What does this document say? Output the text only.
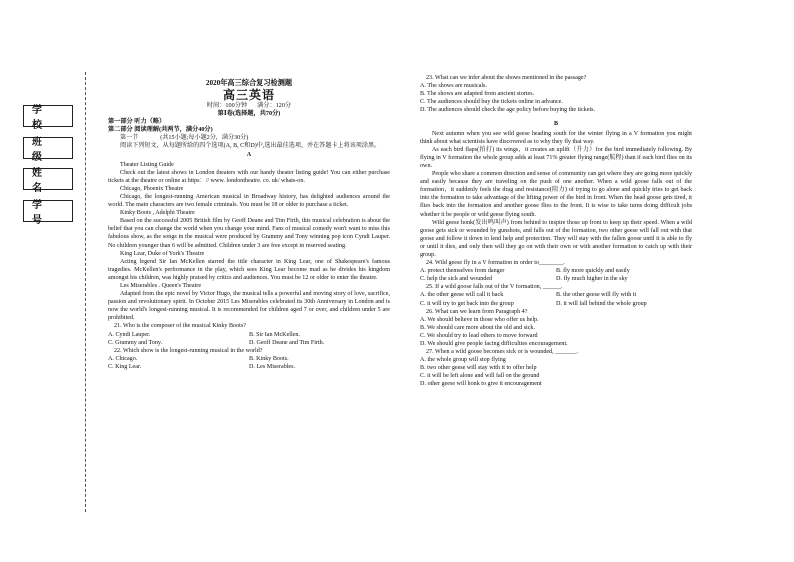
学 校
班 级
姓 名
学 号
2020年高三综合复习检测题
高三英语
时间：100分钟 满分：120分
第Ⅰ卷(选择题，共70分)

第一部分 听力（略）

第二部分 阅读理解(共两节，满分40分)

第一节	(共15小题;每小题2分，满分30分)

阅读下列短文，从每题所给的四个选项(A, B, C和D)中,选出最佳选项，并在答题卡上将该项涂黑。

A

Theater Listing Guide

Check out the latest shows in London theaters with our handy theater listing guide! You can either purchase tickets at the theatre or online at https：// www. londontheatre. co. uk/ whats-on.

Chicago, Phoenix Theatre

Chicago, the longest-running American musical in Broadway history, has delighted audiences around the world. The main characters are two female criminals. You must be 18 or older to purchase a ticket.

Kinky Boots , Adelphi Theatre

Based on the successful 2005 British film by Geoff Deane and Tim Firth, this musical celebration is about the belief that you can change the world when you change your mind. Fans of musical comedy won't want to miss this fabulous show, as the songs in the musical were produced by Grammy and Tony winning pop icon Cyndi Lauper. No children younger than 6 will be admitted. Children under 3 are free except in reserved seating.

King Lear, Duke of York's Theatre

Acting legend Sir Ian McKellen starred the title character in King Lear, one of Shakespeare's famous tragedies. McKellen's performance in the play, which sees King Lear become mad as he divides his kingdom amongst his children, was highly praised by critics and audiences. You must be 12 or older to enter the theatre.

Les Miserables . Queen's Theatre

Adapted from the epic novel by Victor Hugo, the musical tells a powerful and moving story of love, sacrifice, passion and revolutionary spirit. In October 2015 Les Miserables celebrated its 30th Anniversary in London and is now the world's longest-running musical. It is recommended for children aged 7 or over, and children under 5 are prohibited.

21. Who is the composer of the musical Kinky Boots?

A. Cyndi Lauper.	B. Sir Ian McKellen.
C. Grammy and Tony.	D. Geoff Deane and Tim Firth.

22. Which show is the longest-running musical in the world?

A. Chicago.	B. Kinky Boots.
C. King Lear.	D. Les Miserables.

23. What can we infer about the shows mentioned in the passage?

A. The shows are musicals.
B. The shows are adapted from ancient stories.
C. The audiences should buy the tickets online in advance.
D. The audiences should check the age policy before buying the tickets.
B

Next autumn when you see wild geese heading south for the winter flying in a V formation you might think about what scientists have discovered as to why they fly that way.

As each bird flaps(拍打) its wings，it creates an uplift（升力）for the bird immediately following. By flying in V formation the whole group adds at least 71% greater flying range(航程) than if each bird flies on its own.

People who share a common direction and sense of community can get where they are going more quickly and easily because they are traveling on the push of one another. When a wild goose falls out of the formation，it suddenly feels the drag and resistance(阻力) of trying to go alone and quickly tries to get back into the formation to take advantage of the lifting power of the bird in front. When the head goose gets tired, it flies back into the formation and another goose flies to the front. It is wise to take turns doing difficult jobs whether it be people or wild geese flying south.

Wild geese honk(发出鸣叫声) from behind to inspire those up front to keep up their speed. When a wild goose gets sick or wounded by gunshots, and falls out of the formation, two other geese will fall out with that goose and follow it down to lend help and protection. They will stay with the fallen goose until it is able to fly or until it dies, and only then will they go on with their own or with another formation to catch up with their group.

24. Wild geese fly in a V formation in order to________.

A. protect themselves from danger	B. fly more quickly and easily
C. help the sick and wounded	D. fly much higher in the sky

25. If a wild goose falls out of the V formation, ______.

A. the other geese will call it back	B. the other geese will fly with it
C. it will try to get back into the group	D. it will fall behind the whole group

26. What can we learn from Paragraph 4?

A. We should believe in those who offer us help.
B. We should care more about the old and sick.
C. We should try to lead others to move forward
D. We should give people facing difficulties encouragement.

27. When a wild goose becomes sick or is wounded, _______.

A. the whole group will stop flying
B. two other geese will stay with it to offer help
C. it will be left alone and will fall on the ground
D. other geese will honk to give it encouragement
